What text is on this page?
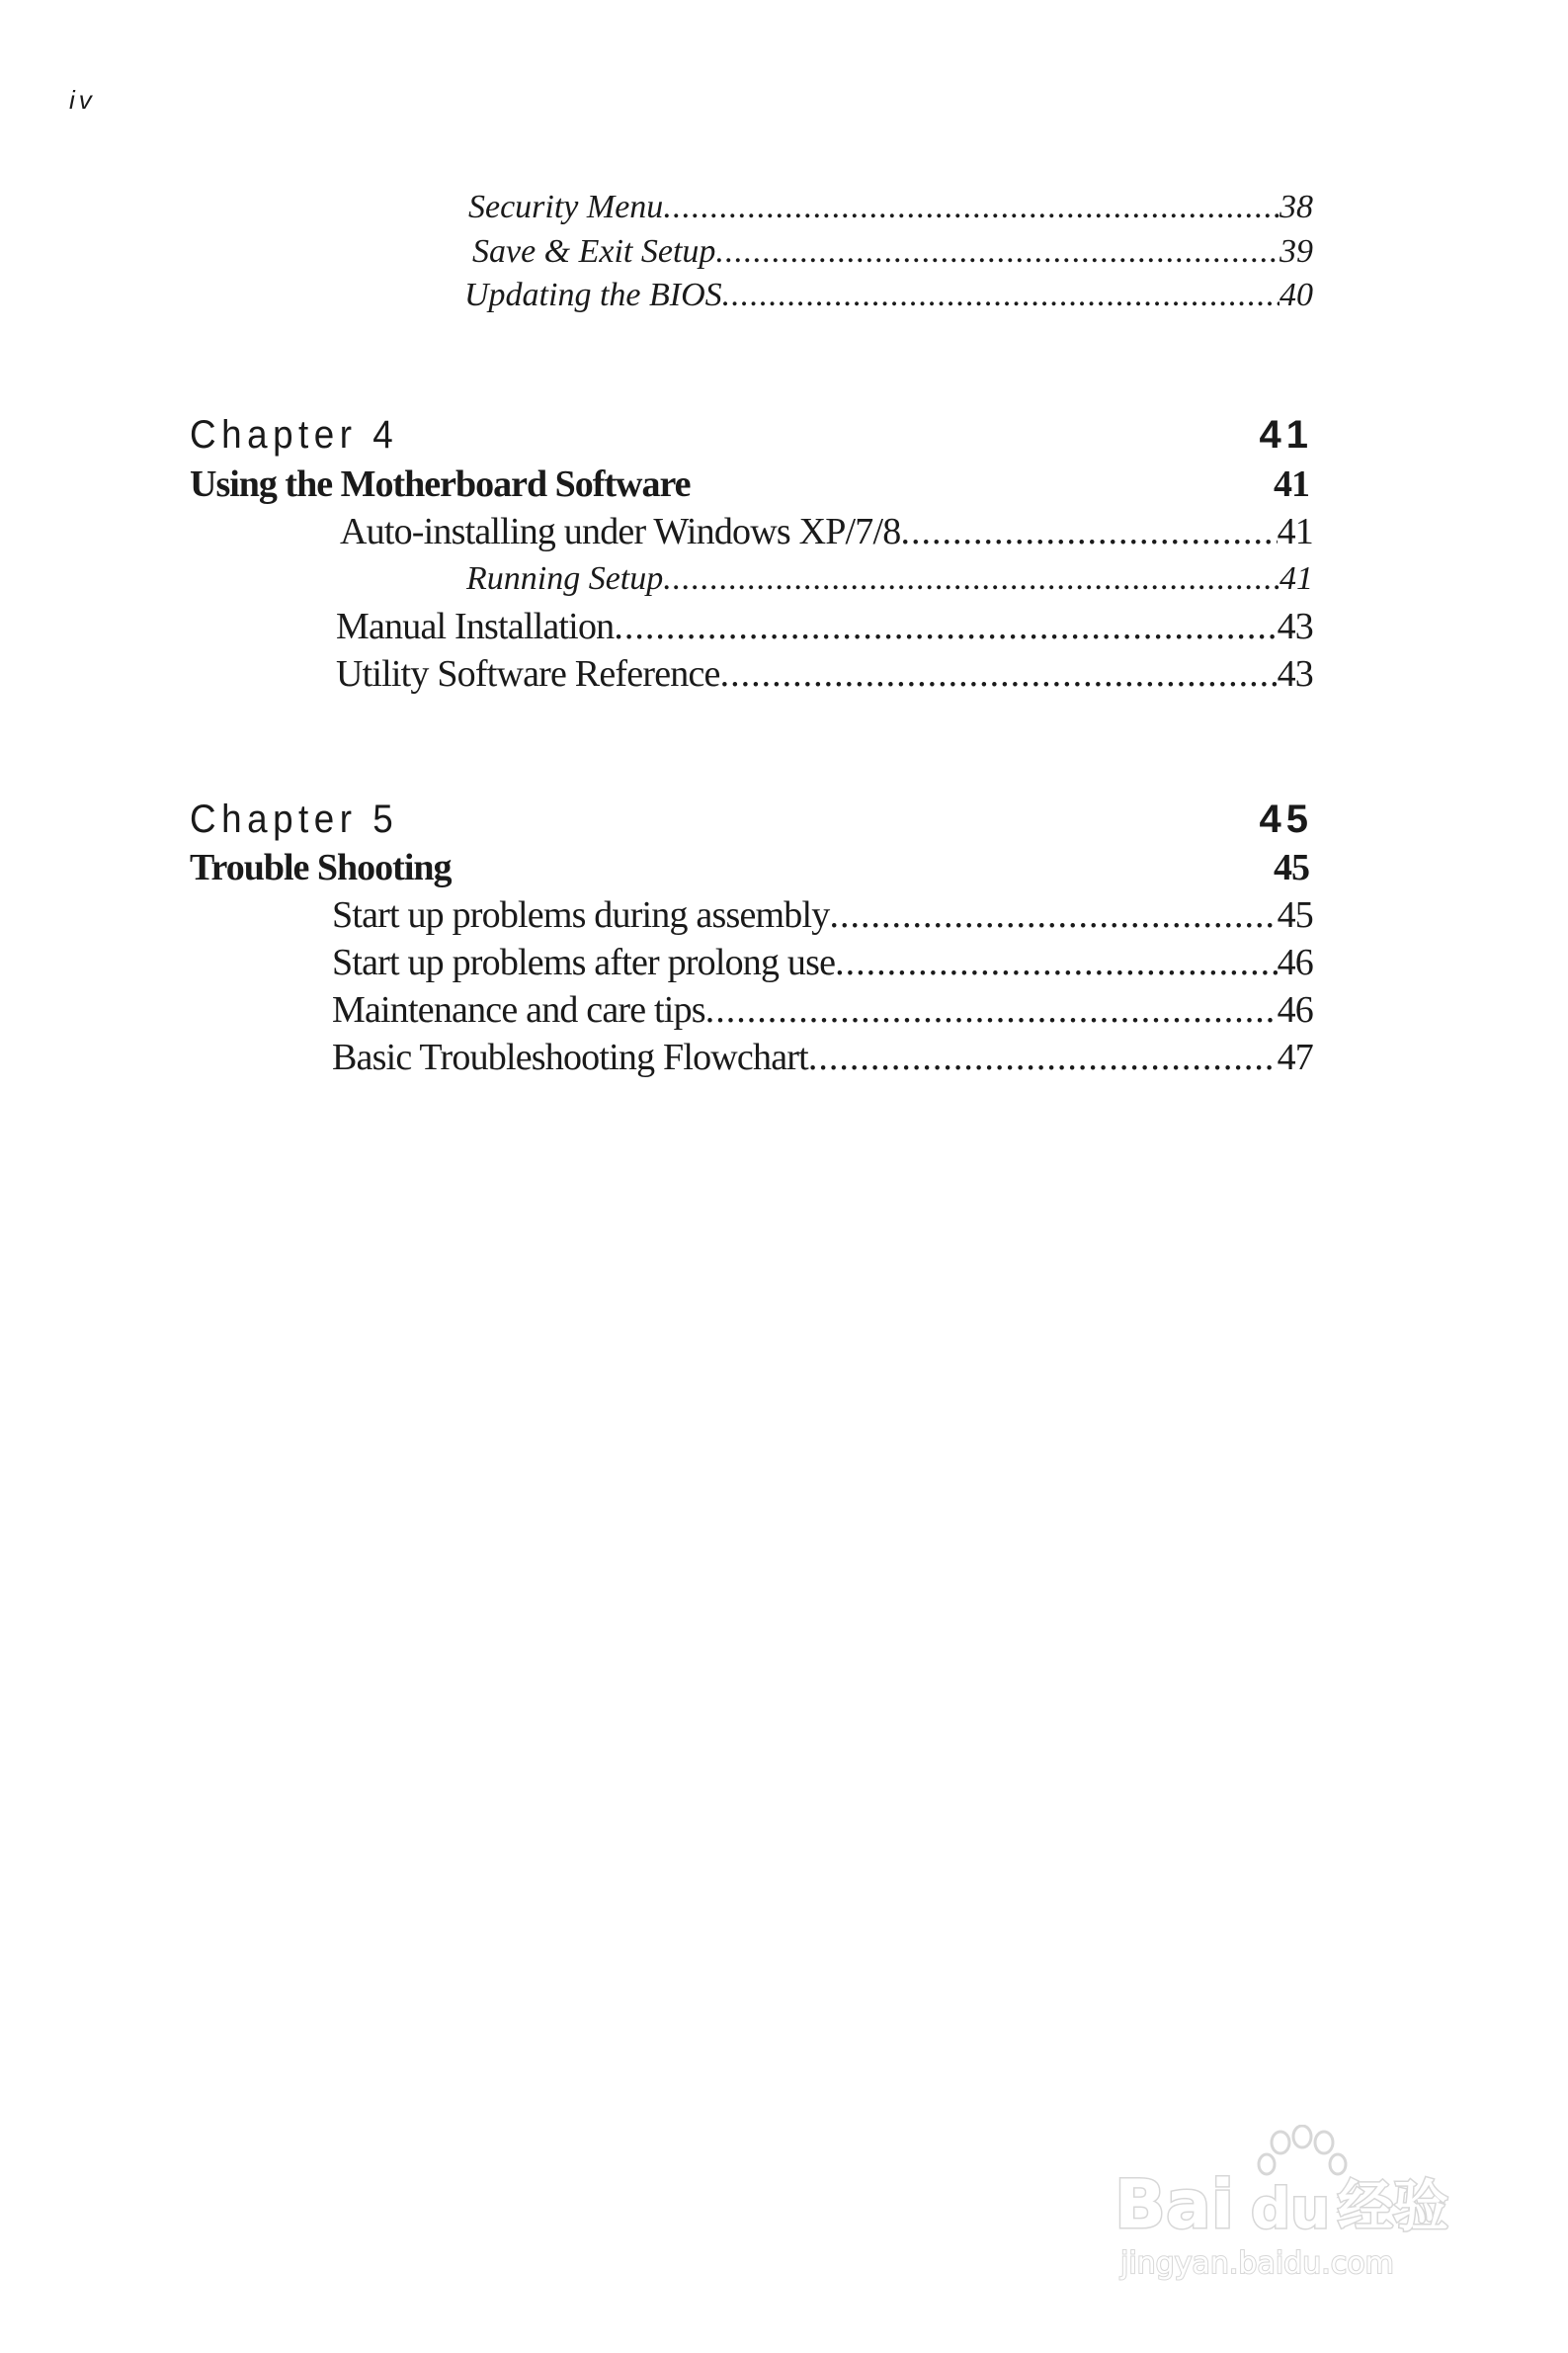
iv
Security Menu .....	38
Save & Exit Setup .....	39
Updating the BIOS .....	40
Chapter 4	41
Using the Motherboard Software	41
Auto-installing under Windows XP/7/8 .....	41
Running Setup .....	41
Manual Installation .....	43
Utility Software Reference .....	43
Chapter 5	45
Trouble Shooting	45
Start up problems during assembly .....	45
Start up problems after prolong use .....	46
Maintenance and care tips .....	46
Basic Troubleshooting Flowchart .....	47
Bai du 经验
jingyan.baidu.com
